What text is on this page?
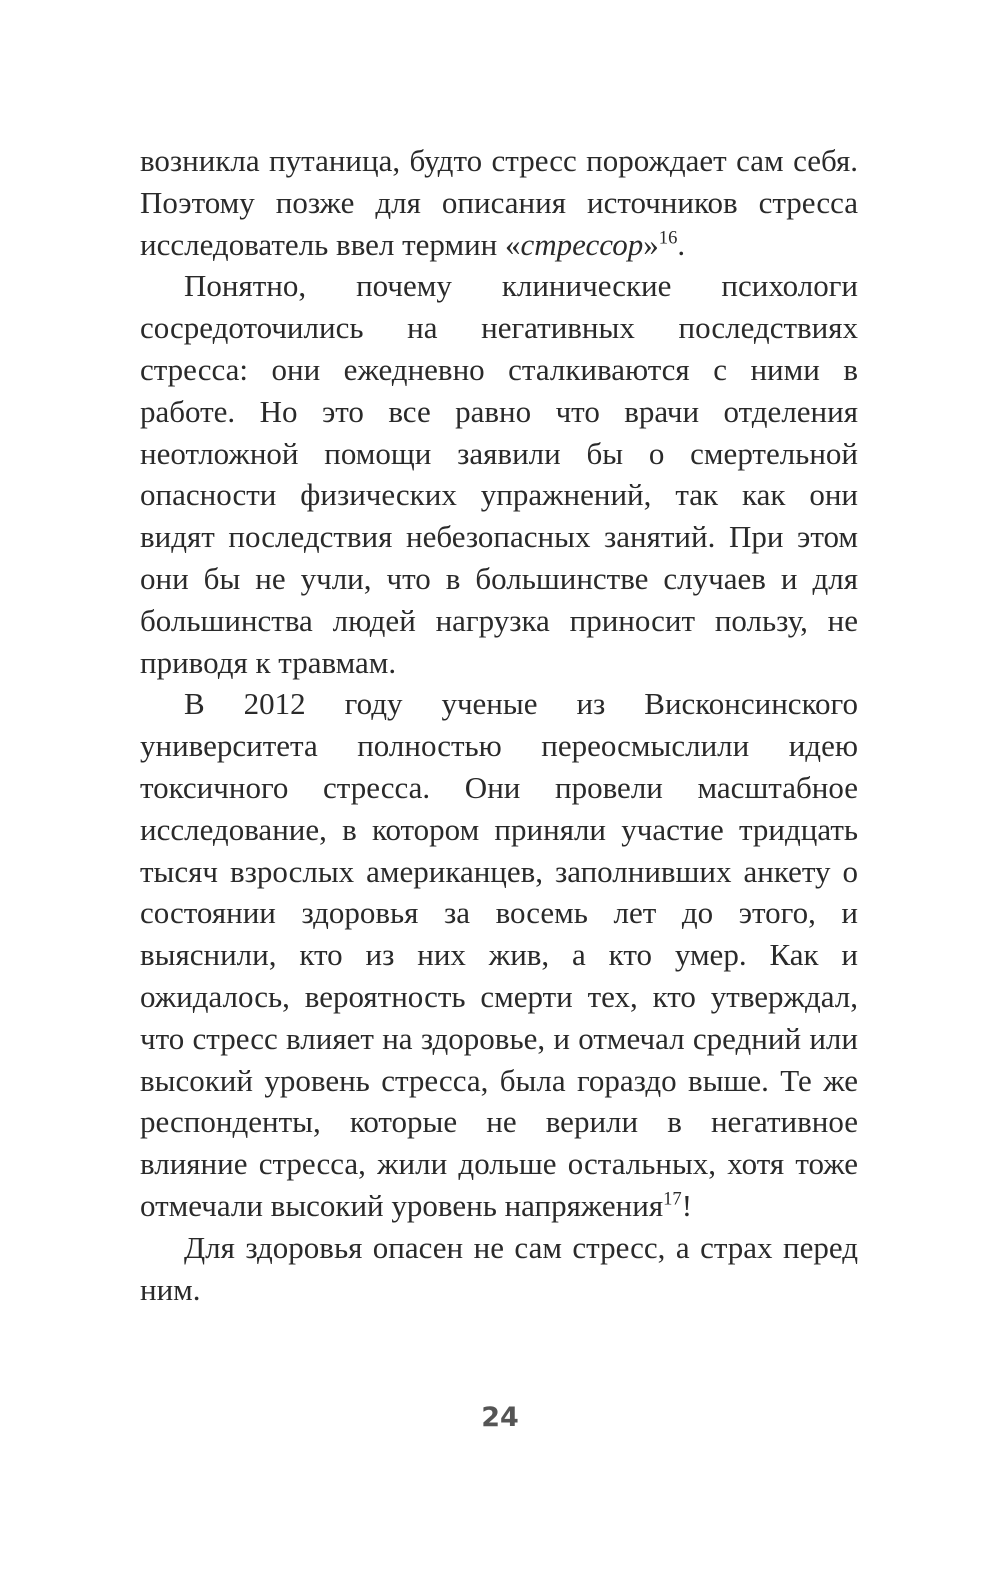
возникла путаница, будто стресс порождает сам себя. Поэтому позже для описания источников стресса исследователь ввел термин «стрессор»$^{16}$.

Понятно, почему клинические психологи сосредоточились на негативных последствиях стресса: они ежедневно сталкиваются с ними в работе. Но это все равно что врачи отделения неотложной помощи заявили бы о смертельной опасности физических упражнений, так как они видят последствия небезопасных занятий. При этом они бы не учли, что в большинстве случаев и для большинства людей нагрузка приносит пользу, не приводя к травмам.

В 2012 году ученые из Висконсинского университета полностью переосмыслили идею токсичного стресса. Они провели масштабное исследование, в котором приняли участие тридцать тысяч взрослых американцев, заполнивших анкету о состоянии здоровья за восемь лет до этого, и выяснили, кто из них жив, а кто умер. Как и ожидалось, вероятность смерти тех, кто утверждал, что стресс влияет на здоровье, и отмечал средний или высокий уровень стресса, была гораздо выше. Те же респонденты, которые не верили в негативное влияние стресса, жили дольше остальных, хотя тоже отмечали высокий уровень напряжения$^{17}$!

Для здоровья опасен не сам стресс, а страх перед ним.

24
